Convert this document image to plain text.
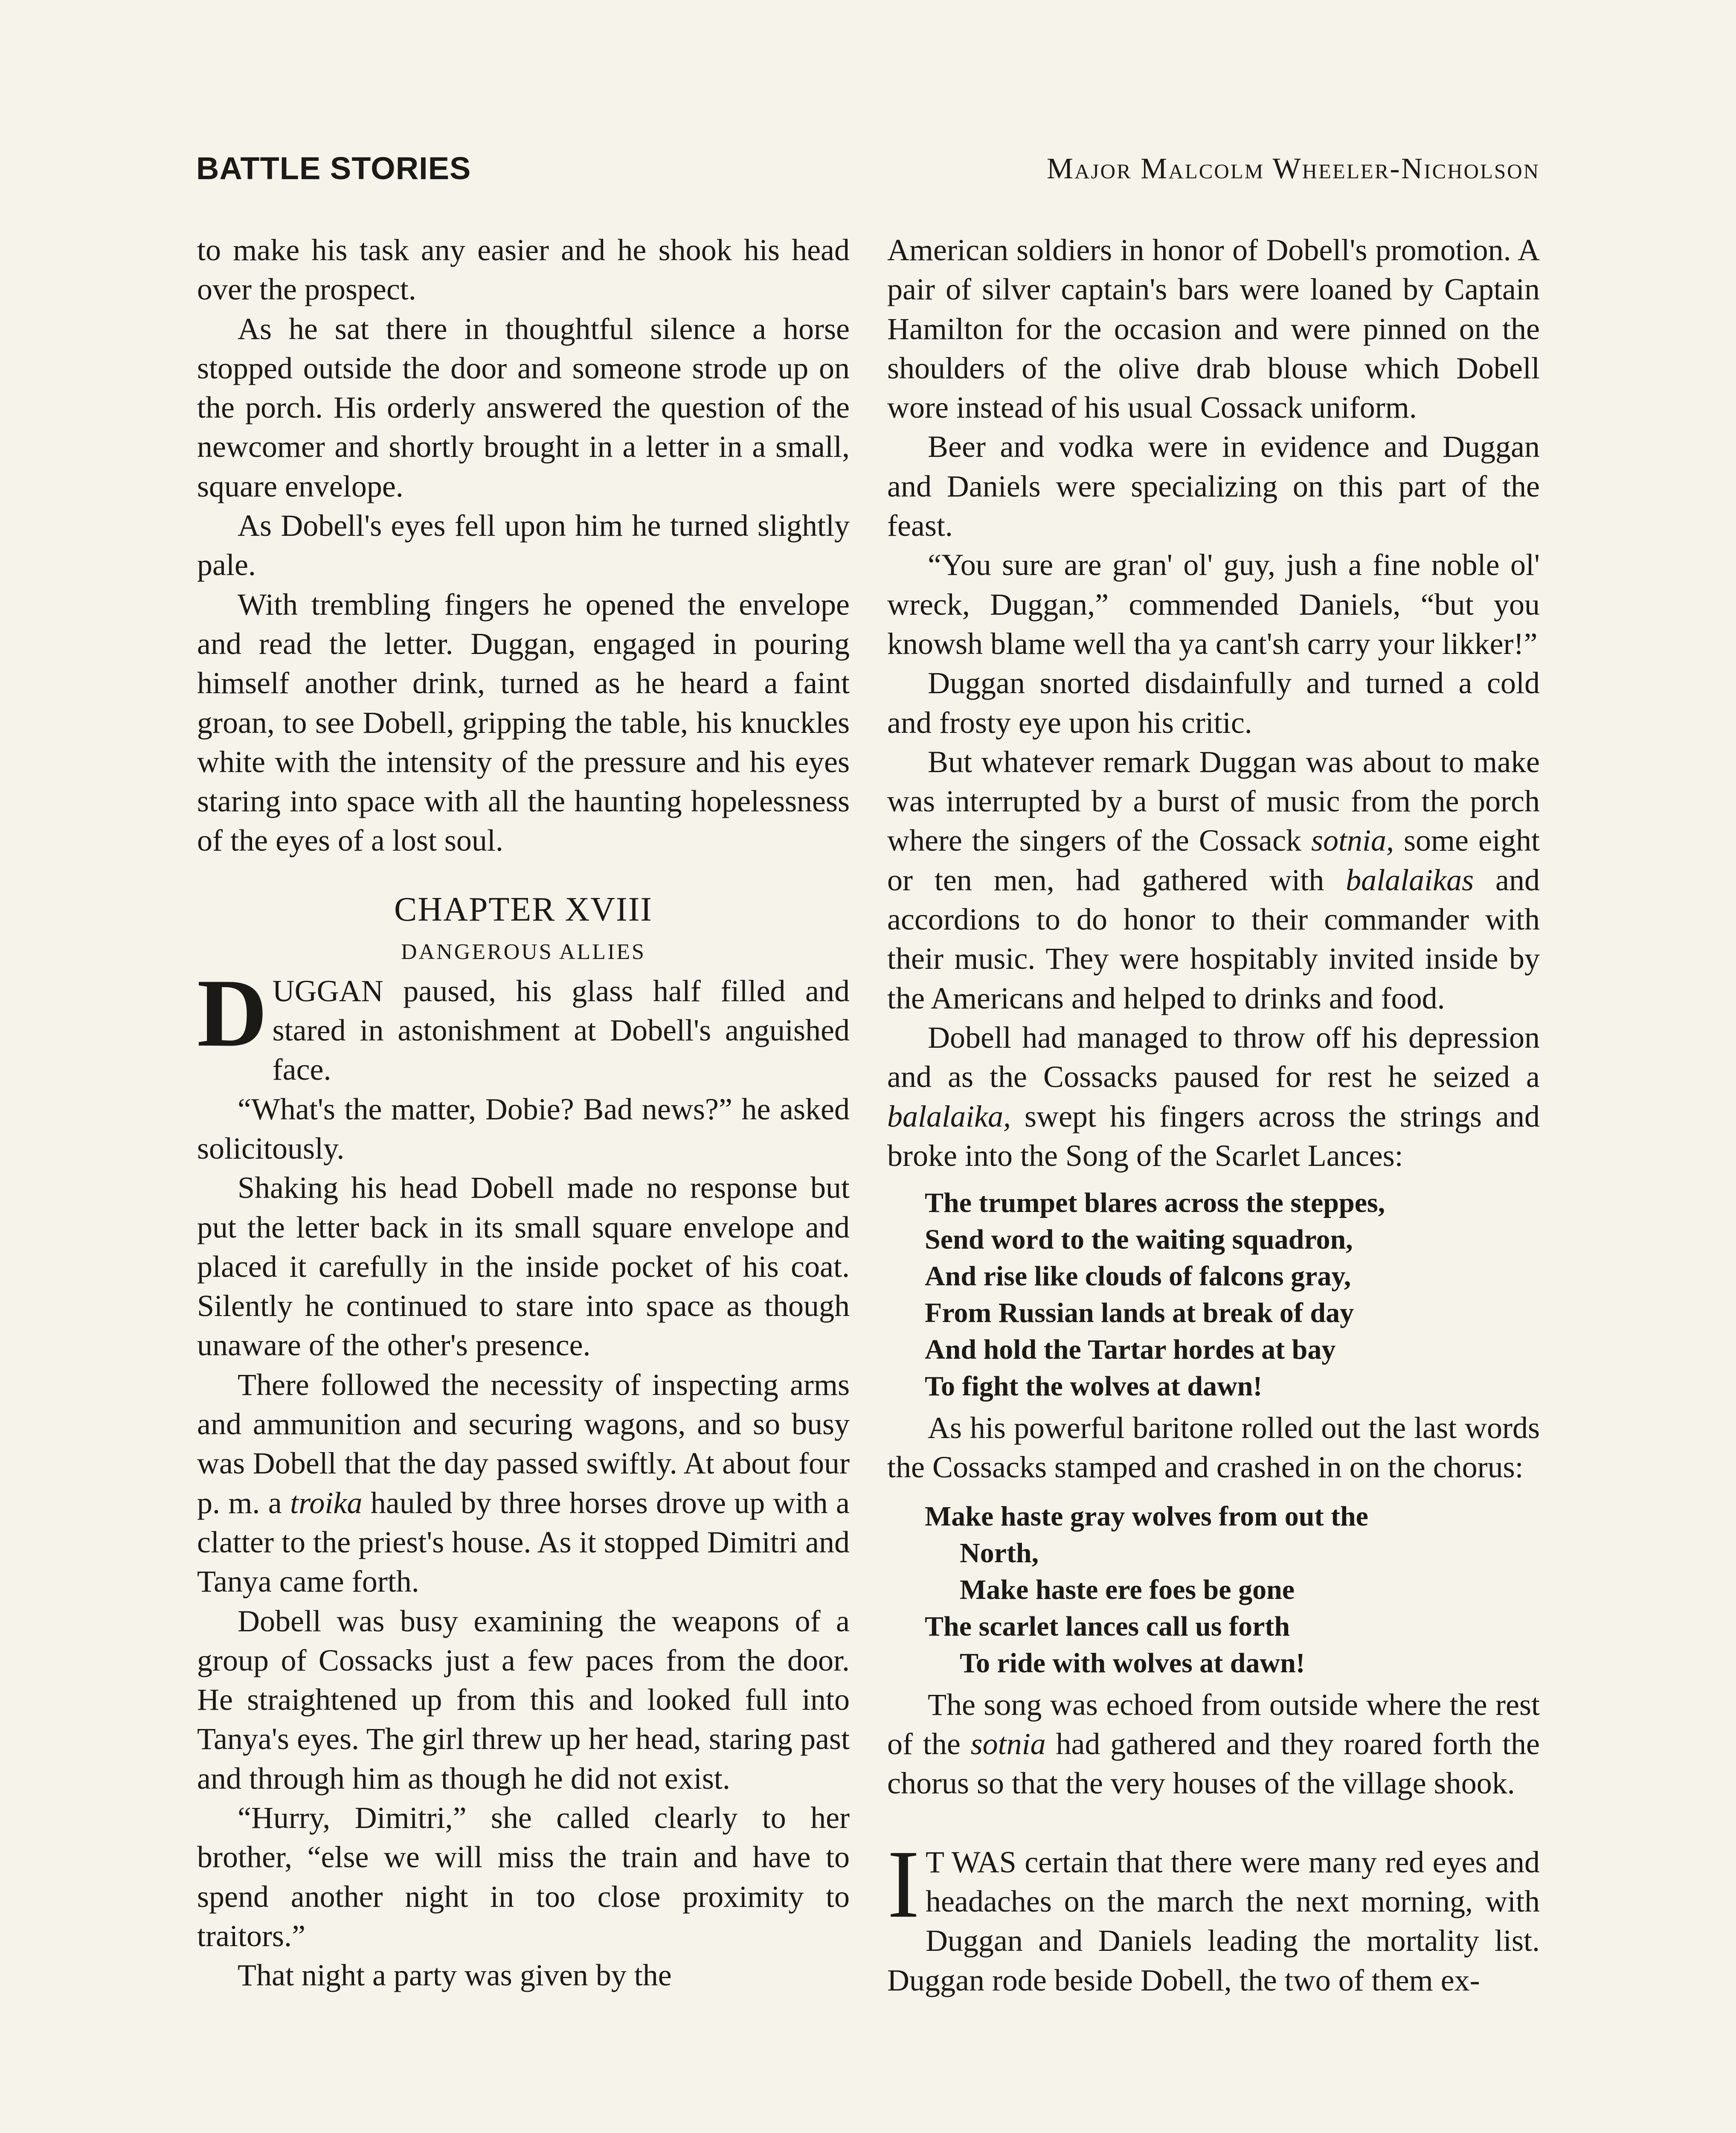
BATTLE STORIES	Major Malcolm Wheeler-Nicholson

to make his task any easier and he shook his head over the prospect.

As he sat there in thoughtful silence a horse stopped outside the door and someone strode up on the porch. His orderly answered the question of the newcomer and shortly brought in a letter in a small, square envelope.

As Dobell's eyes fell upon him he turned slightly pale.

With trembling fingers he opened the envelope and read the letter. Duggan, engaged in pouring himself another drink, turned as he heard a faint groan, to see Dobell, gripping the table, his knuckles white with the intensity of the pressure and his eyes staring into space with all the haunting hopelessness of the eyes of a lost soul.

CHAPTER XVIII
DANGEROUS ALLIES

DUGGAN paused, his glass half filled and stared in astonishment at Dobell's anguished face.

“What's the matter, Dobie? Bad news?” he asked solicitously.

Shaking his head Dobell made no response but put the letter back in its small square envelope and placed it carefully in the inside pocket of his coat. Silently he continued to stare into space as though unaware of the other's presence.

There followed the necessity of inspecting arms and ammunition and securing wagons, and so busy was Dobell that the day passed swiftly. At about four p. m. a troika hauled by three horses drove up with a clatter to the priest's house. As it stopped Dimitri and Tanya came forth.

Dobell was busy examining the weapons of a group of Cossacks just a few paces from the door. He straightened up from this and looked full into Tanya's eyes. The girl threw up her head, staring past and through him as though he did not exist.

“Hurry, Dimitri,” she called clearly to her brother, “else we will miss the train and have to spend another night in too close proximity to traitors.”

That night a party was given by the

American soldiers in honor of Dobell's promotion. A pair of silver captain's bars were loaned by Captain Hamilton for the occasion and were pinned on the shoulders of the olive drab blouse which Dobell wore instead of his usual Cossack uniform.

Beer and vodka were in evidence and Duggan and Daniels were specializing on this part of the feast.

“You sure are gran' ol' guy, jush a fine noble ol' wreck, Duggan,” commended Daniels, “but you knowsh blame well tha ya cant'sh carry your likker!”

Duggan snorted disdainfully and turned a cold and frosty eye upon his critic.

But whatever remark Duggan was about to make was interrupted by a burst of music from the porch where the singers of the Cossack sotnia, some eight or ten men, had gathered with balalaikas and accordions to do honor to their commander with their music. They were hospitably invited inside by the Americans and helped to drinks and food.

Dobell had managed to throw off his depression and as the Cossacks paused for rest he seized a balalaika, swept his fingers across the strings and broke into the Song of the Scarlet Lances:

The trumpet blares across the steppes,
Send word to the waiting squadron,
And rise like clouds of falcons gray,
From Russian lands at break of day
And hold the Tartar hordes at bay
To fight the wolves at dawn!

As his powerful baritone rolled out the last words the Cossacks stamped and crashed in on the chorus:

Make haste gray wolves from out the
North,
Make haste ere foes be gone
The scarlet lances call us forth
To ride with wolves at dawn!

The song was echoed from outside where the rest of the sotnia had gathered and they roared forth the chorus so that the very houses of the village shook.

I T WAS certain that there were many red eyes and headaches on the march the next morning, with Duggan and Daniels leading the mortality list. Duggan rode beside Dobell, the two of them ex-
